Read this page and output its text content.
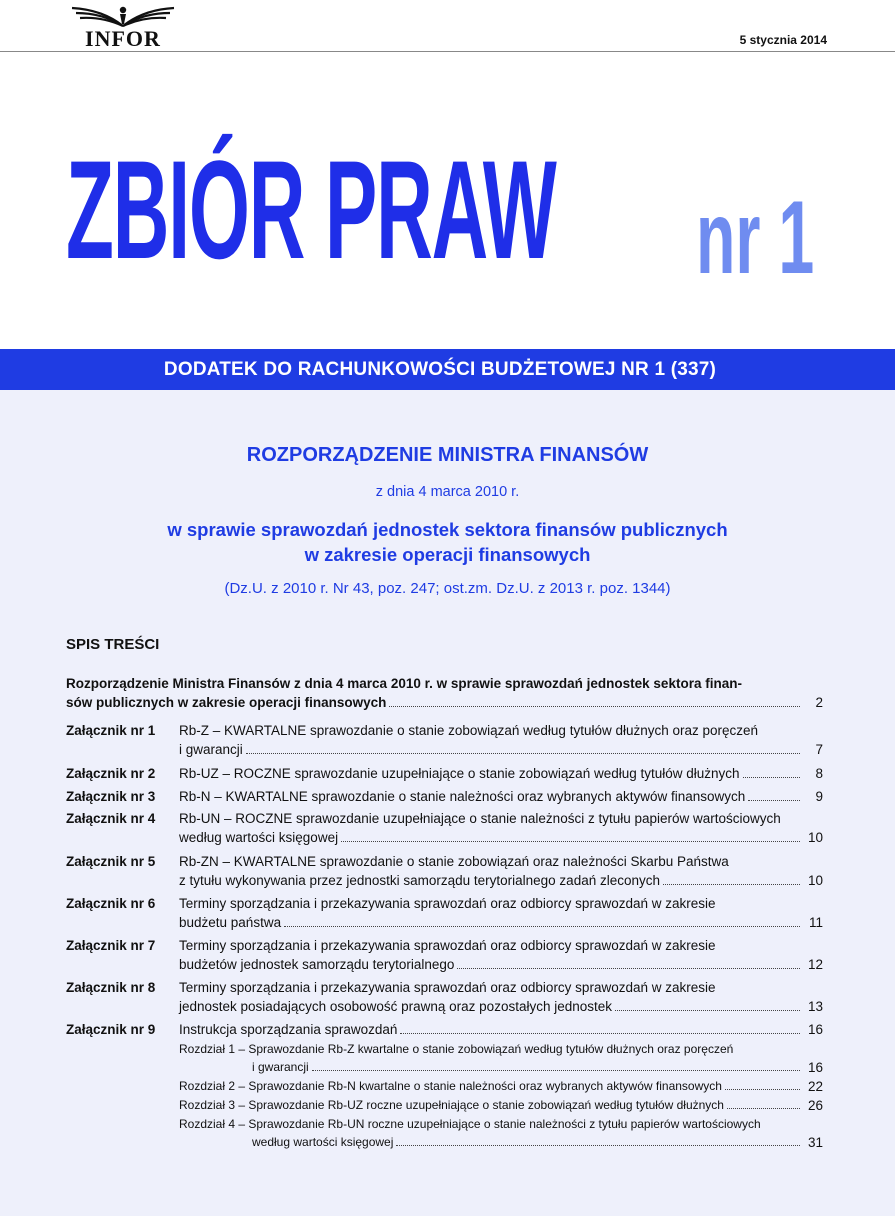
INFOR	5 stycznia 2014
ZBIÓR PRAW nr 1
DODATEK DO RACHUNKOWOŚCI BUDŻETOWEJ NR 1 (337)
ROZPORZĄDZENIE MINISTRA FINANSÓW
z dnia 4 marca 2010 r.
w sprawie sprawozdań jednostek sektora finansów publicznych
w zakresie operacji finansowych
(Dz.U. z 2010 r. Nr 43, poz. 247; ost.zm. Dz.U. z 2013 r. poz. 1344)
SPIS TREŚCI
Rozporządzenie Ministra Finansów z dnia 4 marca 2010 r. w sprawie sprawozdań jednostek sektora finan-
sów publicznych w zakresie operacji finansowych	2
Załącznik nr 1 Rb-Z – KWARTALNE sprawozdanie o stanie zobowiązań według tytułów dłużnych oraz poręczeń
i gwarancji	7
Załącznik nr 2 Rb-UZ – ROCZNE sprawozdanie uzupełniające o stanie zobowiązań według tytułów dłużnych	8
Załącznik nr 3 Rb-N – KWARTALNE sprawozdanie o stanie należności oraz wybranych aktywów finansowych	9
Załącznik nr 4 Rb-UN – ROCZNE sprawozdanie uzupełniające o stanie należności z tytułu papierów wartościowych
według wartości księgowej	10
Załącznik nr 5 Rb-ZN – KWARTALNE sprawozdanie o stanie zobowiązań oraz należności Skarbu Państwa
z tytułu wykonywania przez jednostki samorządu terytorialnego zadań zleconych	10
Załącznik nr 6 Terminy sporządzania i przekazywania sprawozdań oraz odbiorcy sprawozdań w zakresie
budżetu państwa	11
Załącznik nr 7 Terminy sporządzania i przekazywania sprawozdań oraz odbiorcy sprawozdań w zakresie
budżetów jednostek samorządu terytorialnego	12
Załącznik nr 8 Terminy sporządzania i przekazywania sprawozdań oraz odbiorcy sprawozdań w zakresie
jednostek posiadających osobowość prawną oraz pozostałych jednostek	13
Załącznik nr 9 Instrukcja sporządzania sprawozdań	16
Rozdział 1 – Sprawozdanie Rb-Z kwartalne o stanie zobowiązań według tytułów dłużnych oraz poręczeń
i gwarancji	16
Rozdział 2 – Sprawozdanie Rb-N kwartalne o stanie należności oraz wybranych aktywów finansowych	22
Rozdział 3 – Sprawozdanie Rb-UZ roczne uzupełniające o stanie zobowiązań według tytułów dłużnych	26
Rozdział 4 – Sprawozdanie Rb-UN roczne uzupełniające o stanie należności z tytułu papierów wartościowych
według wartości księgowej	31
